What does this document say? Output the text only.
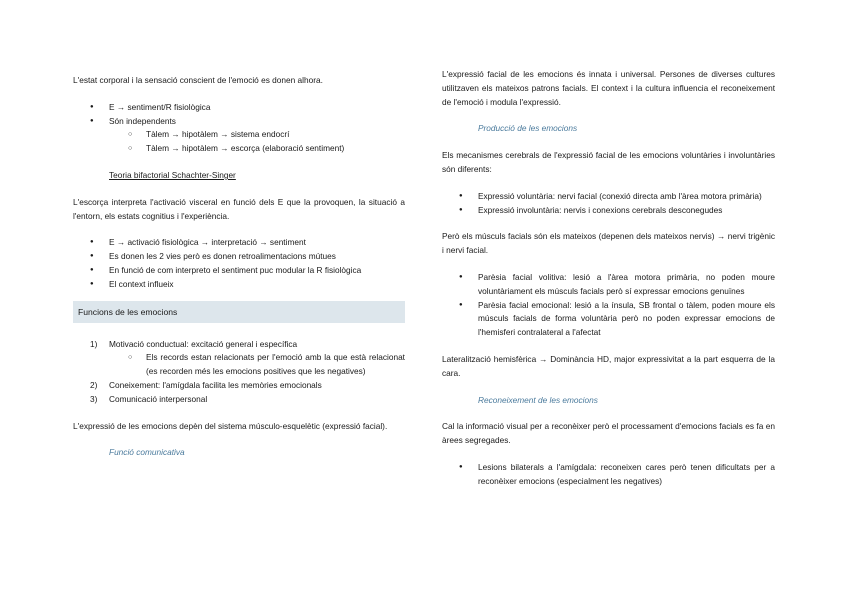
L'estat corporal i la sensació conscient de l'emoció es donen alhora.

● E → sentiment/R fisiològica
● Són independents
○ Tàlem → hipotàlem → sistema endocrí
○ Tàlem → hipotàlem → escorça (elaboració sentiment)

Teoria bifactorial Schachter-Singer

L'escorça interpreta l'activació visceral en funció dels E que la provoquen, la situació a l'entorn, els estats cognitius i l'experiència.

● E → activació fisiològica → interpretació → sentiment
● Es donen les 2 vies però es donen retroalimentacions mútues
● En funció de com interpreto el sentiment puc modular la R fisiològica
● El context influeix
Funcions de les emocions
1) Motivació conductual: excitació general i específica
○ Els records estan relacionats per l'emoció amb la que està relacionat (es recorden més les emocions positives que les negatives)
2) Coneixement: l'amígdala facilita les memòries emocionals
3) Comunicació interpersonal

L'expressió de les emocions depèn del sistema músculo-esquelètic (expressió facial).

Funció comunicativa

L'expressió facial de les emocions és innata i universal. Persones de diverses cultures utilitzaven els mateixos patrons facials. El context i la cultura influencia el reconeixement de l'emoció i modula l'expressió.

Producció de les emocions

Els mecanismes cerebrals de l'expressió facial de les emocions voluntàries i involuntàries són diferents:

● Expressió voluntària: nervi facial (conexió directa amb l'àrea motora primària)
● Expressió involuntària: nervis i conexions cerebrals desconegudes

Però els músculs facials són els mateixos (depenen dels mateixos nervis) → nervi trigènic i nervi facial.

● Parèsia facial volitiva: lesió a l'àrea motora primària, no poden moure voluntàriament els músculs facials però sí expressar emocions genuïnes
● Parèsia facial emocional: lesió a la ínsula, SB frontal o tàlem, poden moure els músculs facials de forma voluntària però no poden expressar emocions de l'hemisferi contralateral a l'afectat

Lateralització hemisfèrica → Dominància HD, major expressivitat a la part esquerra de la cara.

Reconeixement de les emocions

Cal la informació visual per a reconèixer però el processament d'emocions facials es fa en àrees segregades.

● Lesions bilaterals a l'amígdala: reconeixen cares però tenen dificultats per a reconèixer emocions (especialment les negatives)
